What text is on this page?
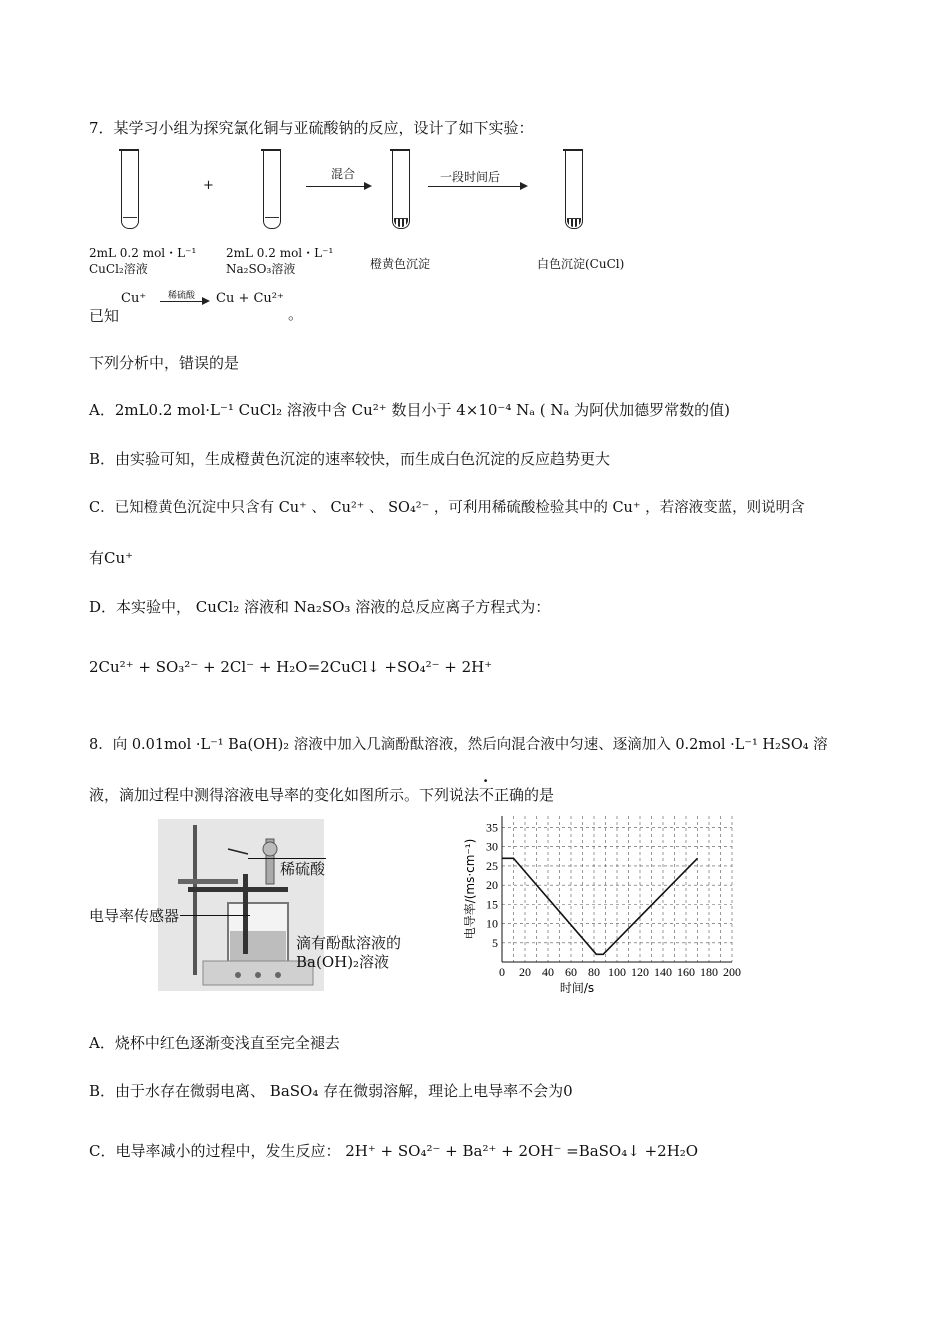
7．某学习小组为探究氯化铜与亚硫酸钠的反应，设计了如下实验：
+
混合	一段时间后
2mL 0.2 mol・L⁻¹
CuCl₂溶液
2mL 0.2 mol・L⁻¹
Na₂SO₃溶液	橙黄色沉淀	白色沉淀(CuCl)
已知
Cu⁺ 稀硫酸 Cu + Cu²⁺
。
下列分析中，错误的是
A．2mL0.2 mol·L⁻¹ CuCl₂ 溶液中含 Cu²⁺ 数目小于 4×10⁻⁴ Nₐ ( Nₐ 为阿伏加德罗常数的值)
B．由实验可知，生成橙黄色沉淀的速率较快，而生成白色沉淀的反应趋势更大
C．已知橙黄色沉淀中只含有 Cu⁺ 、 Cu²⁺ 、 SO₄²⁻ ，可利用稀硫酸检验其中的 Cu⁺ ，若溶液变蓝，则说明含
有Cu⁺
D．本实验中， CuCl₂ 溶液和 Na₂SO₃ 溶液的总反应离子方程式为：
2Cu²⁺ + SO₃²⁻ + 2Cl⁻ + H₂O=2CuCl↓ +SO₄²⁻ + 2H⁺
8．向 0.01mol ·L⁻¹ Ba(OH)₂ 溶液中加入几滴酚酞溶液，然后向混合液中匀速、逐滴加入 0.2mol ·L⁻¹ H₂SO₄ 溶
液，滴加过程中测得溶液电导率的变化如图所示。下列说法不正确的是
稀硫酸
电导率传感器
滴有酚酞溶液的
Ba(OH)₂溶液
0 20 40 60 80 100 120 140 160 180 200
5
10
15
20
25
30
35
时间/s
电导率/(ms·cm⁻¹)
A．烧杯中红色逐渐变浅直至完全褪去
B．由于水存在微弱电离、 BaSO₄ 存在微弱溶解，理论上电导率不会为0
C．电导率减小的过程中，发生反应： 2H⁺ + SO₄²⁻ + Ba²⁺ + 2OH⁻ =BaSO₄↓ +2H₂O
